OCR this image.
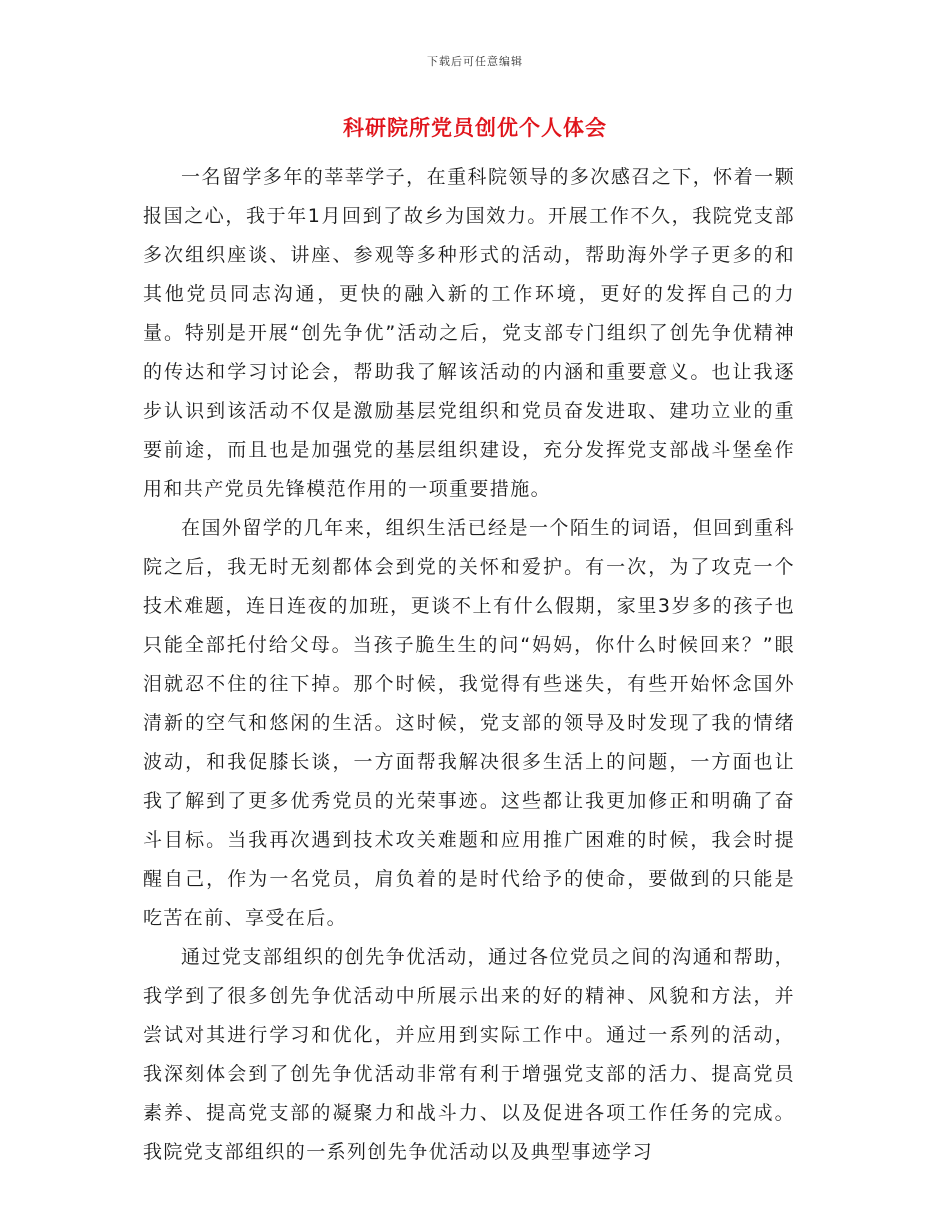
下载后可任意编辑
科研院所党员创优个人体会

一名留学多年的莘莘学子，在重科院领导的多次感召之下，怀着一颗报国之心，我于年1月回到了故乡为国效力。开展工作不久，我院党支部多次组织座谈、讲座、参观等多种形式的活动，帮助海外学子更多的和其他党员同志沟通，更快的融入新的工作环境，更好的发挥自己的力量。特别是开展“创先争优”活动之后，党支部专门组织了创先争优精神的传达和学习讨论会，帮助我了解该活动的内涵和重要意义。也让我逐步认识到该活动不仅是激励基层党组织和党员奋发进取、建功立业的重要前途，而且也是加强党的基层组织建设，充分发挥党支部战斗堡垒作用和共产党员先锋模范作用的一项重要措施。

在国外留学的几年来，组织生活已经是一个陌生的词语，但回到重科院之后，我无时无刻都体会到党的关怀和爱护。有一次，为了攻克一个技术难题，连日连夜的加班，更谈不上有什么假期，家里3岁多的孩子也只能全部托付给父母。当孩子脆生生的问“妈妈，你什么时候回来？”眼泪就忍不住的往下掉。那个时候，我觉得有些迷失，有些开始怀念国外清新的空气和悠闲的生活。这时候，党支部的领导及时发现了我的情绪波动，和我促膝长谈，一方面帮我解决很多生活上的问题，一方面也让我了解到了更多优秀党员的光荣事迹。这些都让我更加修正和明确了奋斗目标。当我再次遇到技术攻关难题和应用推广困难的时候，我会时提醒自己，作为一名党员，肩负着的是时代给予的使命，要做到的只能是吃苦在前、享受在后。

通过党支部组织的创先争优活动，通过各位党员之间的沟通和帮助，我学到了很多创先争优活动中所展示出来的好的精神、风貌和方法，并尝试对其进行学习和优化，并应用到实际工作中。通过一系列的活动，我深刻体会到了创先争优活动非常有利于增强党支部的活力、提高党员素养、提高党支部的凝聚力和战斗力、以及促进各项工作任务的完成。我院党支部组织的一系列创先争优活动以及典型事迹学习
